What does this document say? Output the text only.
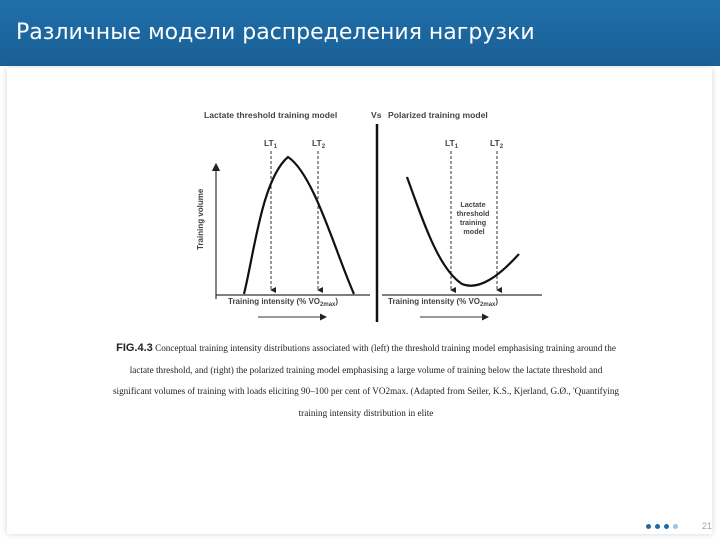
Различные модели распределения нагрузки
Lactate threshold training model	Vs Polarized training model
Training volume
Training intensity (% $VO_{2max}$)
$LT_1$	$LT_2$	$LT_1$	$LT_2$
Lactate threshold training model
Training intensity (% $VO_{2max}$)
FIG.4.3 Conceptual training intensity distributions associated with (left) the threshold training model emphasising training around the lactate threshold, and (right) the polarized training model emphasising a large volume of training below the lactate threshold and significant volumes of training with loads eliciting 90–100 per cent of VO2max. (Adapted from Seiler, K.S., Kjerland, G.Ø., 'Quantifying training intensity distribution in elite
21
